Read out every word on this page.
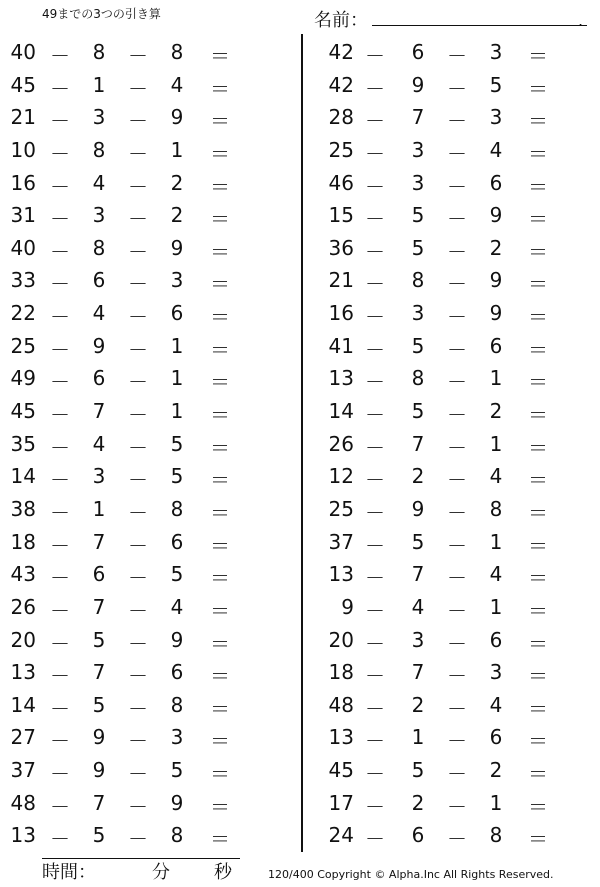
49までの3つの引き算	名前：	.
40 － 8 － 8 ＝
45 － 1 － 4 ＝
21 － 3 － 9 ＝
10 － 8 － 1 ＝
16 － 4 － 2 ＝
31 － 3 － 2 ＝
40 － 8 － 9 ＝
33 － 6 － 3 ＝
22 － 4 － 6 ＝
25 － 9 － 1 ＝
49 － 6 － 1 ＝
45 － 7 － 1 ＝
35 － 4 － 5 ＝
14 － 3 － 5 ＝
38 － 1 － 8 ＝
18 － 7 － 6 ＝
43 － 6 － 5 ＝
26 － 7 － 4 ＝
20 － 5 － 9 ＝
13 － 7 － 6 ＝
14 － 5 － 8 ＝
27 － 9 － 3 ＝
37 － 9 － 5 ＝
48 － 7 － 9 ＝
13 － 5 － 8 ＝
42 － 6 － 3 ＝
42 － 9 － 5 ＝
28 － 7 － 3 ＝
25 － 3 － 4 ＝
46 － 3 － 6 ＝
15 － 5 － 9 ＝
36 － 5 － 2 ＝
21 － 8 － 9 ＝
16 － 3 － 9 ＝
41 － 5 － 6 ＝
13 － 8 － 1 ＝
14 － 5 － 2 ＝
26 － 7 － 1 ＝
12 － 2 － 4 ＝
25 － 9 － 8 ＝
37 － 5 － 1 ＝
13 － 7 － 4 ＝
9 － 4 － 1 ＝
20 － 3 － 6 ＝
18 － 7 － 3 ＝
48 － 2 － 4 ＝
13 － 1 － 6 ＝
45 － 5 － 2 ＝
17 － 2 － 1 ＝
24 － 6 － 8 ＝
時間：	分 秒	120/400 Copyright © Alpha.Inc All Rights Reserved.
